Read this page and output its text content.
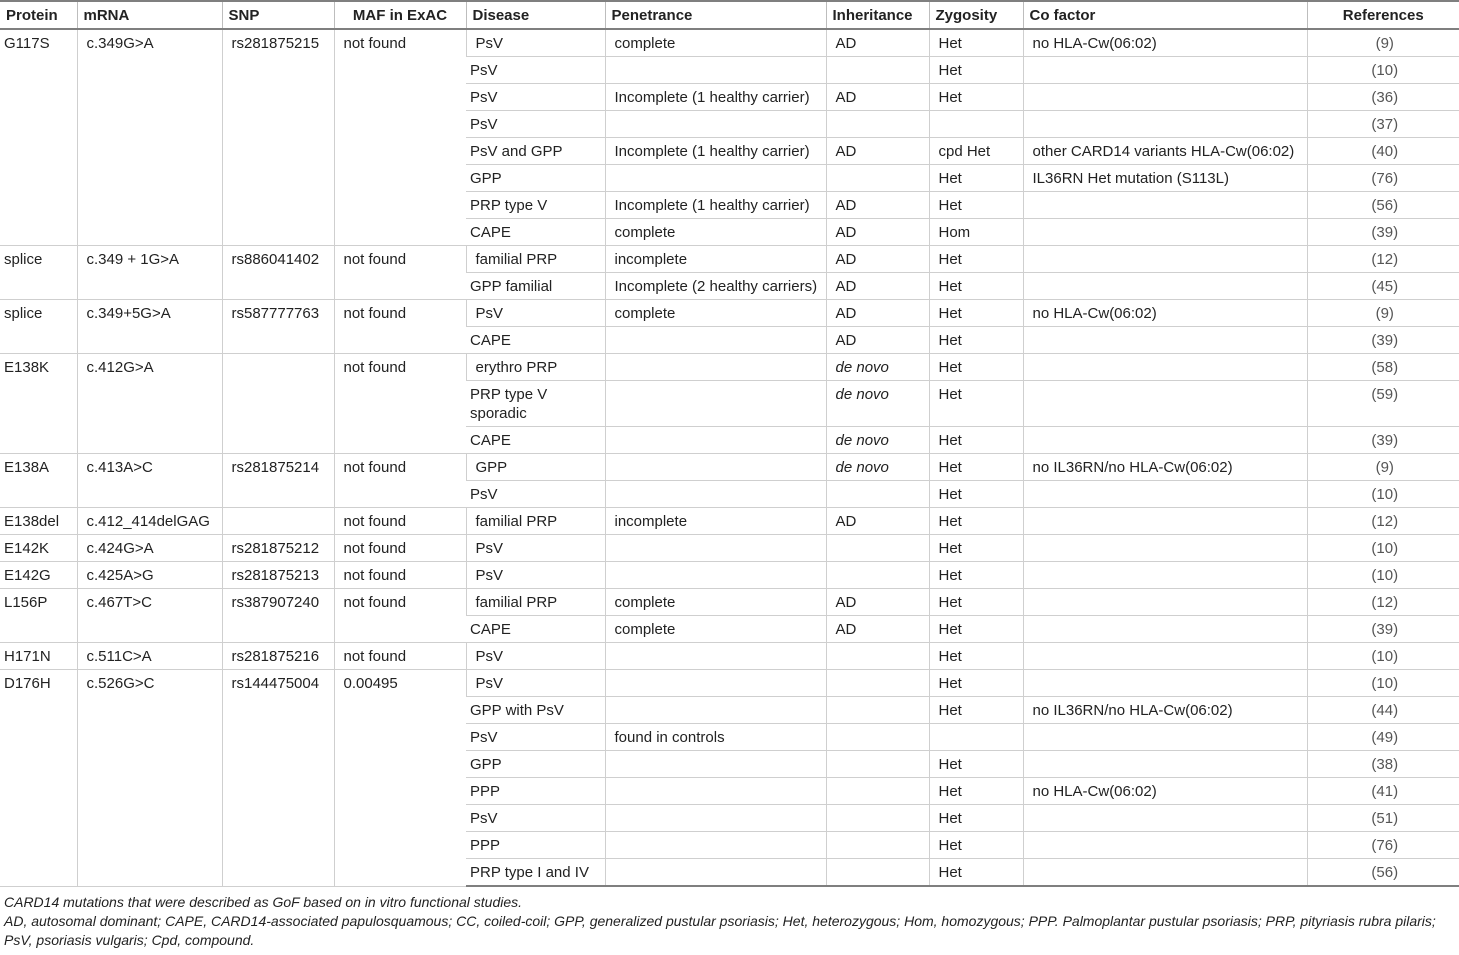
Protein	mRNA	SNP	MAF in ExAC	Disease	Penetrance	Inheritance	Zygosity	Co factor	References
G117S	c.349G>A	rs281875215	not found	PsV	complete	AD	Het	no HLA-Cw(06:02)	(9)
				PsV			Het		(10)
				PsV	Incomplete (1 healthy carrier)	AD	Het		(36)
				PsV					(37)
				PsV and GPP	Incomplete (1 healthy carrier)	AD	cpd Het	other CARD14 variants HLA-Cw(06:02)	(40)
				GPP			Het	IL36RN Het mutation (S113L)	(76)
				PRP type V	Incomplete (1 healthy carrier)	AD	Het		(56)
				CAPE	complete	AD	Hom		(39)
splice	c.349 + 1G>A	rs886041402	not found	familial PRP	incomplete	AD	Het		(12)
				GPP familial	Incomplete (2 healthy carriers)	AD	Het		(45)
splice	c.349+5G>A	rs587777763	not found	PsV	complete	AD	Het	no HLA-Cw(06:02)	(9)
				CAPE		AD	Het		(39)
E138K	c.412G>A		not found	erythro PRP		de novo	Het		(58)
				PRP type V sporadic		de novo	Het		(59)
				CAPE		de novo	Het		(39)
E138A	c.413A>C	rs281875214	not found	GPP		de novo	Het	no IL36RN/no HLA-Cw(06:02)	(9)
				PsV			Het		(10)
E138del	c.412_414delGAG		not found	familial PRP	incomplete	AD	Het		(12)
E142K	c.424G>A	rs281875212	not found	PsV			Het		(10)
E142G	c.425A>G	rs281875213	not found	PsV			Het		(10)
L156P	c.467T>C	rs387907240	not found	familial PRP	complete	AD	Het		(12)
				CAPE	complete	AD	Het		(39)
H171N	c.511C>A	rs281875216	not found	PsV			Het		(10)
D176H	c.526G>C	rs144475004	0.00495	PsV			Het		(10)
				GPP with PsV			Het	no IL36RN/no HLA-Cw(06:02)	(44)
				PsV	found in controls				(49)
				GPP			Het		(38)
				PPP			Het	no HLA-Cw(06:02)	(41)
				PsV			Het		(51)
				PPP			Het		(76)
				PRP type I and IV			Het		(56)

CARD14 mutations that were described as GoF based on in vitro functional studies.

AD, autosomal dominant; CAPE, CARD14-associated papulosquamous; CC, coiled-coil; GPP, generalized pustular psoriasis; Het, heterozygous; Hom, homozygous; PPP. Palmoplantar pustular psoriasis; PRP, pityriasis rubra pilaris; PsV, psoriasis vulgaris; Cpd, compound.
